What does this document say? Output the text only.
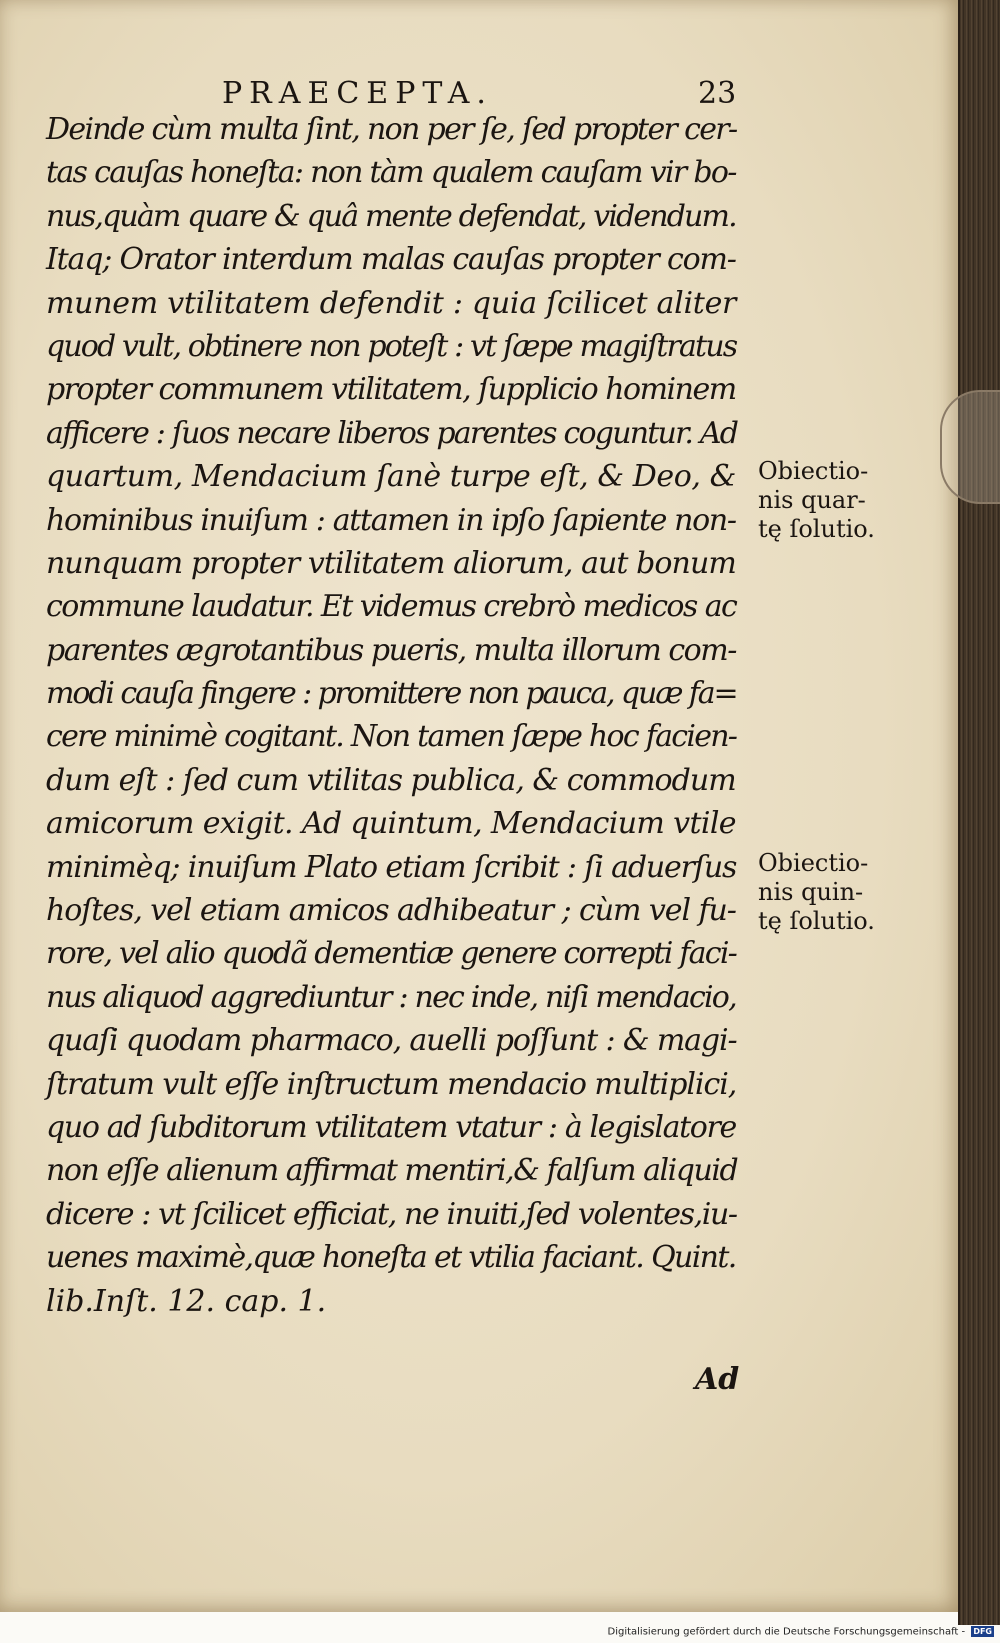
PRAECEPTA.	23
Deinde cùm multa ſint, non per ſe, ſed propter cer-
tas cauſas honeſta: non tàm qualem cauſam vir bo-
nus,quàm quare & quâ mente defendat, videndum.
Itaq; Orator interdum malas cauſas propter com-
munem vtilitatem defendit : quia ſcilicet aliter
quod vult, obtinere non poteſt : vt ſæpe magiſtratus
propter communem vtilitatem, ſupplicio hominem
afficere : ſuos necare liberos parentes coguntur. Ad
quartum, Mendacium ſanè turpe eſt, & Deo, &
hominibus inuiſum : attamen in ipſo ſapiente non-
nunquam propter vtilitatem aliorum, aut bonum
commune laudatur. Et videmus crebrò medicos ac
parentes ægrotantibus pueris, multa illorum com-
modi cauſa fingere : promittere non pauca, quæ fa=
cere minimè cogitant. Non tamen ſæpe hoc facien-
dum eſt : ſed cum vtilitas publica, & commodum
amicorum exigit. Ad quintum, Mendacium vtile
minimèq; inuiſum Plato etiam ſcribit : ſi aduerſus
hoſtes, vel etiam amicos adhibeatur ; cùm vel fu-
rore, vel alio quodã dementiæ genere correpti faci-
nus aliquod aggrediuntur : nec inde, niſi mendacio,
quaſi quodam pharmaco, auelli poſſunt : & magi-
ſtratum vult eſſe inſtructum mendacio multiplici,
quo ad ſubditorum vtilitatem vtatur : à legislatore
non eſſe alienum affirmat mentiri,& falſum aliquid
dicere : vt ſcilicet efficiat, ne inuiti,ſed volentes,iu-
uenes maximè,quæ honeſta et vtilia faciant. Quint.
lib.Inſt. 12. cap. 1.
Obiectio-
nis quar-
tę ſolutio.
Obiectio-
nis quin-
tę ſolutio.
Ad
Digitalisierung gefördert durch die Deutsche Forschungsgemeinschaft - DFG
